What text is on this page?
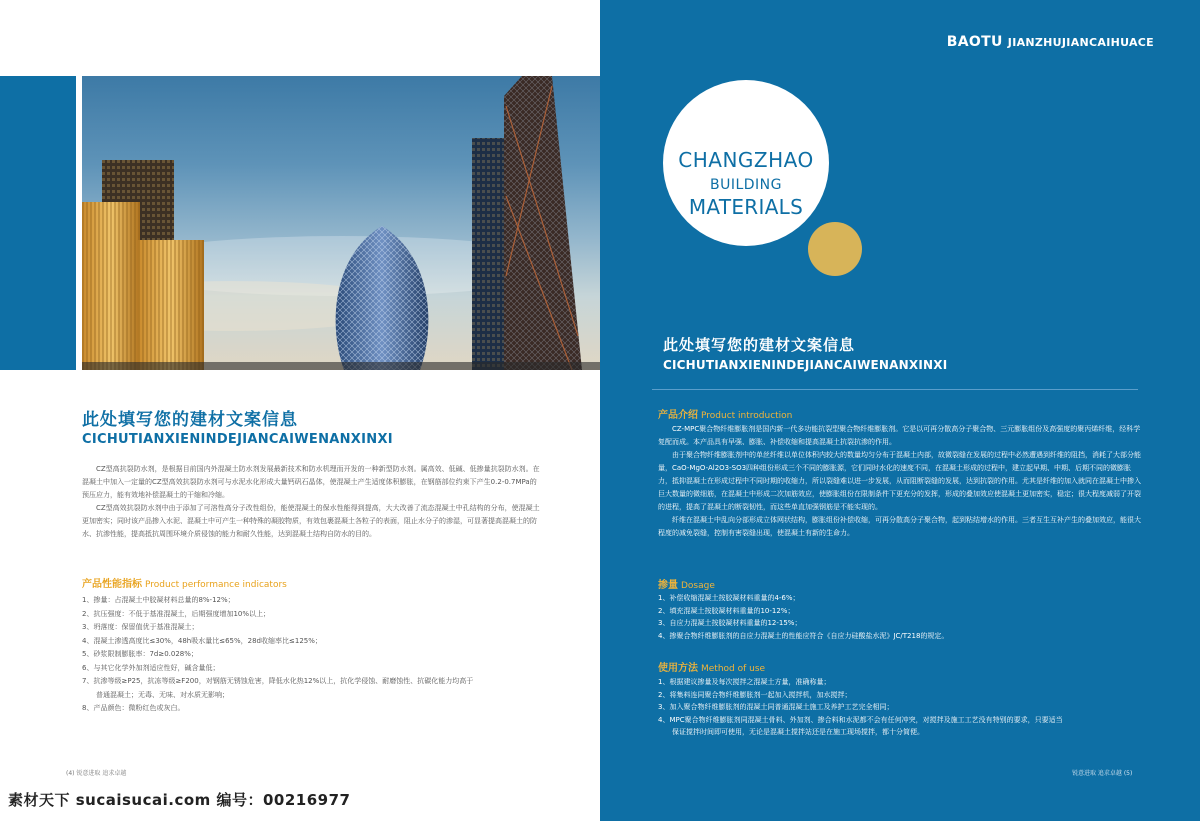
此处填写您的建材文案信息
CICHUTIANXIENINDEJIANCAIWENANXINXI

CZ型高抗裂防水剂，是根据目前国内外混凝土防水剂发展最新技术和防水机理而开发的一种新型防水剂。属高效、低碱、低掺量抗裂防水剂。在混凝土中加入一定量的CZ型高效抗裂防水剂可与水泥水化形成大量钙矾石晶体，使混凝土产生适度体积膨胀，在钢筋部位约束下产生0.2-0.7MPa的预压应力，能有效地补偿混凝土的干缩和冷缩。

CZ型高效抗裂防水剂中由于添加了可溶性高分子改性组份，能使混凝土的保水性能得到提高，大大改善了流态混凝土中孔结构的分布，使混凝土更加密实；同时该产品掺入水泥、混凝土中可产生一种特殊的凝胶物质，有效包裹混凝土各粒子的表面，阻止水分子的渗湿，可显著提高混凝土的防水、抗渗性能，提高抵抗周围环境介质侵蚀的能力和耐久性能，达到混凝土结构自防水的目的。

产品性能指标 Product performance indicators
1、掺量：占混凝土中胶凝材料总量的8%-12%；
2、抗压强度：不低于基准混凝土，后期强度增加10%以上；
3、坍落度：保留值优于基准混凝土；
4、混凝土渗透高度比≤30%，48h吸水量比≤65%，28d收缩率比≤125%；
5、砂浆限制膨胀率：7d≥0.028%；
6、与其它化学外加剂适应性好，碱含量低；
7、抗渗等级≥P25，抗冻等级≥F200，对钢筋无锈蚀危害，降低水化热12%以上，抗化学侵蚀、耐磨蚀性、抗碳化能力均高于
普通混凝土；无毒、无味、对水质无影响；
8、产品颜色：微粉红色或灰白。
(4) 锐意进取 追求卓越
素材天下 sucaisucai.com 编号：00216977
BAOTU JIANZHUJIANCAIHUACE
CHANGZHAO
BUILDING
MATERIALS
此处填写您的建材文案信息
CICHUTIANXIENINDEJIANCAIWENANXINXI
产品介绍 Product introduction

CZ-MPC聚合物纤维膨胀剂是国内新一代多功能抗裂型聚合物纤维膨胀剂。它是以可再分散高分子聚合物、三元膨胀组份及高强度的聚丙烯纤维，经科学复配而成。本产品具有早强、膨胀、补偿收缩和提高混凝土抗裂抗渗的作用。

由于聚合物纤维膨胀剂中的单丝纤维以单位体积内较大的数量均匀分布于混凝土内部，故微裂缝在发展的过程中必然遭遇到纤维的阻挡，消耗了大部分能量，CaO-MgO-Al2O3-SO3四种组份形成三个不同的膨胀源，它们同时水化的速度不同，在混凝土形成的过程中，建立起早期、中期、后期不同的微膨胀力，抵抑混凝土在形成过程中不同时期的收缩力，所以裂缝难以进一步发展，从而阻断裂缝的发展，达到抗裂的作用。尤其是纤维的加入就同在混凝土中掺入巨大数量的微细筋，在混凝土中形成二次加筋效应，使膨胀组份在限制条件下更充分的发挥，形成的叠加效应使混凝土更加密实，稳定；很大程度减弱了开裂的进程，提高了混凝土的断裂韧性，而这些单直加强钢筋是不能实现的。

纤维在混凝土中乱向分部形成立体网状结构，膨胀组份补偿收缩，可再分散高分子聚合物，起到粘结增水的作用。三者互生互补产生的叠加效应，能很大程度的减免裂缝，控制有害裂缝出现，使混凝土有新的生命力。

掺量 Dosage
1、补偿收缩混凝土按胶凝材料重量的4-6%；
2、填充混凝土按胶凝材料重量的10-12%；
3、自应力混凝土按胶凝材料重量的12-15%；
4、掺聚合物纤维膨胀剂的自应力混凝土的性能应符合《自应力硅酸盐水泥》JC/T218的规定。
使用方法 Method of use
1、根据建议掺量及每次搅拌之混凝土方量，准确称量；
2、将集料连同聚合物纤维膨胀剂一起加入搅拌机，加水搅拌；
3、加入聚合物纤维膨胀剂的混凝土同普通混凝土施工及养护工艺完全相同；
4、MPC聚合物纤维膨胀剂同混凝土骨料、外加剂、掺合料和水泥都不会有任何冲突，对搅拌及施工工艺没有特别的要求，只要适当
保证搅拌时间即可使用，无论是混凝土搅拌站还是在施工现场搅拌，都十分简便。
锐意进取 追求卓越 (5)
